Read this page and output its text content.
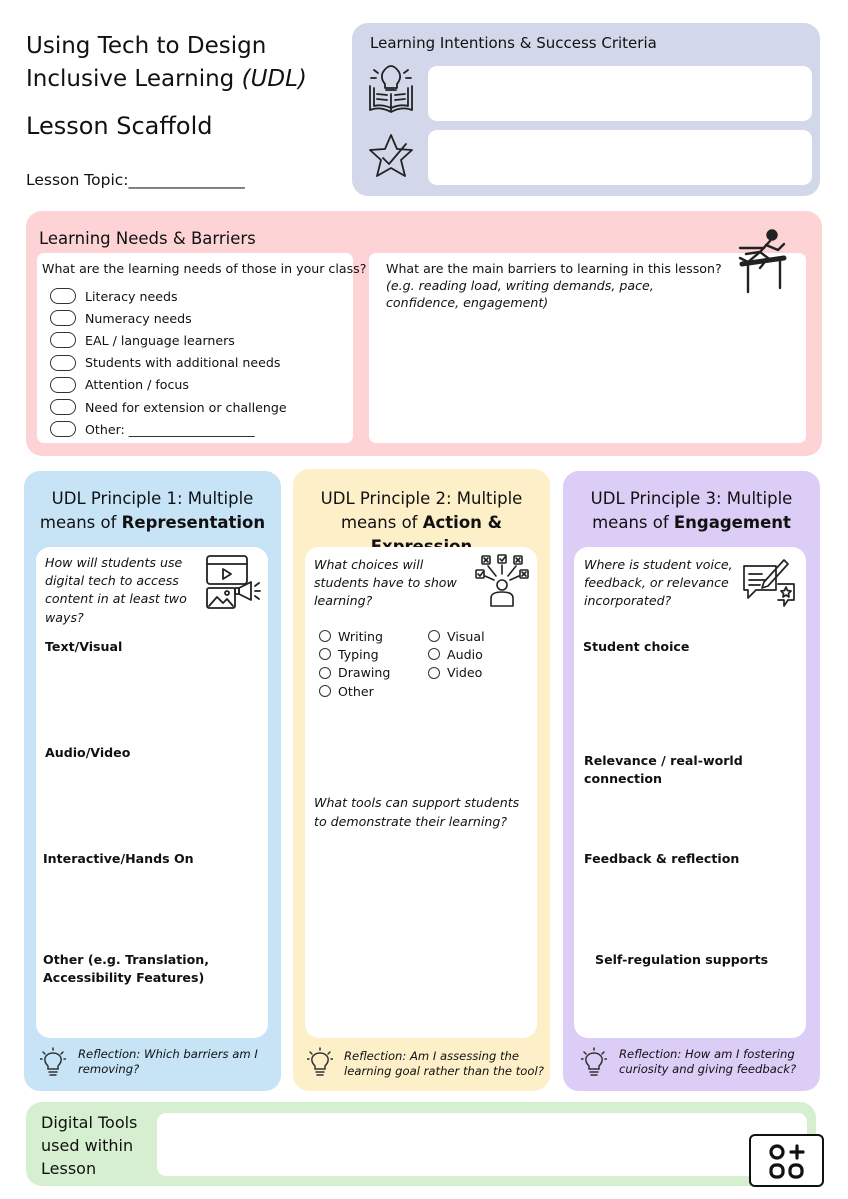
Using Tech to Design
Inclusive Learning (UDL)
Lesson Scaffold
Lesson Topic:_______________
Learning Intentions & Success Criteria
Learning Needs & Barriers
What are the learning needs of those in your class?
Literacy needs
Numeracy needs
EAL / language learners
Students with additional needs
Attention / focus
Need for extension or challenge
Other: ____________________
What are the main barriers to learning in this lesson?
(e.g. reading load, writing demands, pace, confidence, engagement)
UDL Principle 1: Multiple
means of Representation
How will students use digital tech to access content in at least two ways?
Text/Visual
Audio/Video
Interactive/Hands On
Other (e.g. Translation,
Accessibility Features)
Reflection: Which barriers am I removing?
UDL Principle 2: Multiple
means of Action &
What choices will students have to show learning?
Writing
Typing
Drawing
Other
Visual
Audio
Video
What tools can support students to demonstrate their learning?
Reflection: Am I assessing the learning goal rather than the tool?
UDL Principle 3: Multiple
means of Engagement
Where is student voice, feedback, or relevance incorporated?
Student choice
Relevance / real-world
connection
Feedback & reflection
Self-regulation supports
Reflection: How am I fostering curiosity and giving feedback?
Digital Tools
used within
Lesson
